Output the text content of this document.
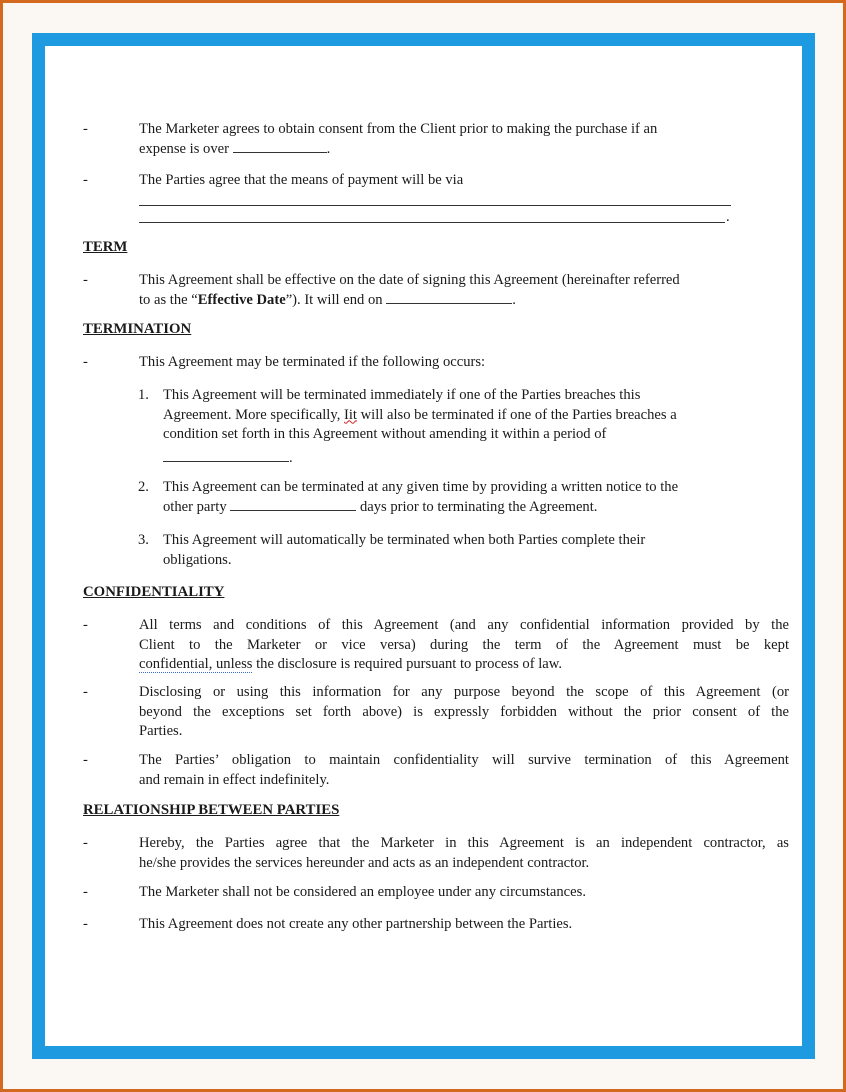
-	The Marketer agrees to obtain consent from the Client prior to making the purchase if an
expense is over	.
-	The Parties agree that the means of payment will be via
.

TERM

-	This Agreement shall be effective on the date of signing this Agreement (hereinafter referred
to as the “Effective Date”). It will end on	.

TERMINATION

-	This Agreement may be terminated if the following occurs:
1. This Agreement will be terminated immediately if one of the Parties breaches this
Agreement. More specifically, Iit will also be terminated if one of the Parties breaches a
condition set forth in this Agreement without amending it within a period of
.
2. This Agreement can be terminated at any given time by providing a written notice to the
other party	days prior to terminating the Agreement.
3. This Agreement will automatically be terminated when both Parties complete their
obligations.

CONFIDENTIALITY

-	All terms and conditions of this Agreement (and any confidential information provided by the
Client to the Marketer or vice versa) during the term of the Agreement must be kept
confidential, unless the disclosure is required pursuant to process of law.
-	Disclosing or using this information for any purpose beyond the scope of this Agreement (or
beyond the exceptions set forth above) is expressly forbidden without the prior consent of the
Parties.
-	The Parties’ obligation to maintain confidentiality will survive termination of this Agreement
and remain in effect indefinitely.

RELATIONSHIP BETWEEN PARTIES

-	Hereby, the Parties agree that the Marketer in this Agreement is an independent contractor, as
he/she provides the services hereunder and acts as an independent contractor.
-	The Marketer shall not be considered an employee under any circumstances.
-	This Agreement does not create any other partnership between the Parties.
